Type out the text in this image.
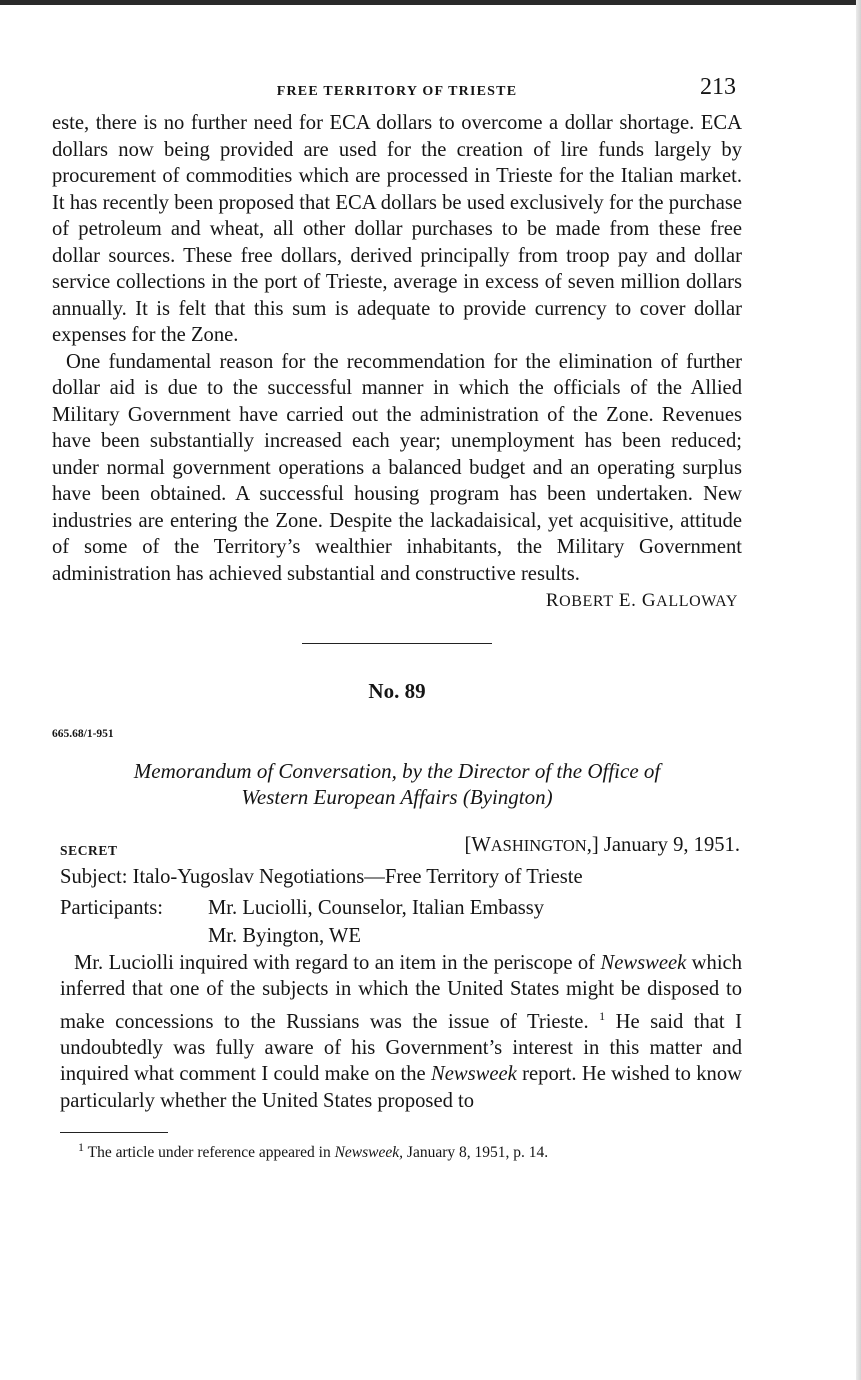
FREE TERRITORY OF TRIESTE	213

este, there is no further need for ECA dollars to overcome a dollar shortage. ECA dollars now being provided are used for the creation of lire funds largely by procurement of commodities which are processed in Trieste for the Italian market. It has recently been proposed that ECA dollars be used exclusively for the purchase of petroleum and wheat, all other dollar purchases to be made from these free dollar sources. These free dollars, derived principally from troop pay and dollar service collections in the port of Trieste, average in excess of seven million dollars annually. It is felt that this sum is adequate to provide currency to cover dollar expenses for the Zone.

One fundamental reason for the recommendation for the elimination of further dollar aid is due to the successful manner in which the officials of the Allied Military Government have carried out the administration of the Zone. Revenues have been substantially increased each year; unemployment has been reduced; under normal government operations a balanced budget and an operating surplus have been obtained. A successful housing program has been undertaken. New industries are entering the Zone. Despite the lackadaisical, yet acquisitive, attitude of some of the Territory’s wealthier inhabitants, the Military Government administration has achieved substantial and constructive results.

ROBERT E. GALLOWAY
No. 89
665.68/1-951
Memorandum of Conversation, by the Director of the Office of
Western European Affairs (Byington)
SECRET	[WASHINGTON,] January 9, 1951.
Subject: Italo-Yugoslav Negotiations—Free Territory of Trieste
Participants:	Mr. Luciolli, Counselor, Italian Embassy
Mr. Byington, WE

Mr. Luciolli inquired with regard to an item in the periscope of Newsweek which inferred that one of the subjects in which the United States might be disposed to make concessions to the Russians was the issue of Trieste. $^1$ He said that I undoubtedly was fully aware of his Government’s interest in this matter and inquired what comment I could make on the Newsweek report. He wished to know particularly whether the United States proposed to

$^1$ The article under reference appeared in Newsweek, January 8, 1951, p. 14.
